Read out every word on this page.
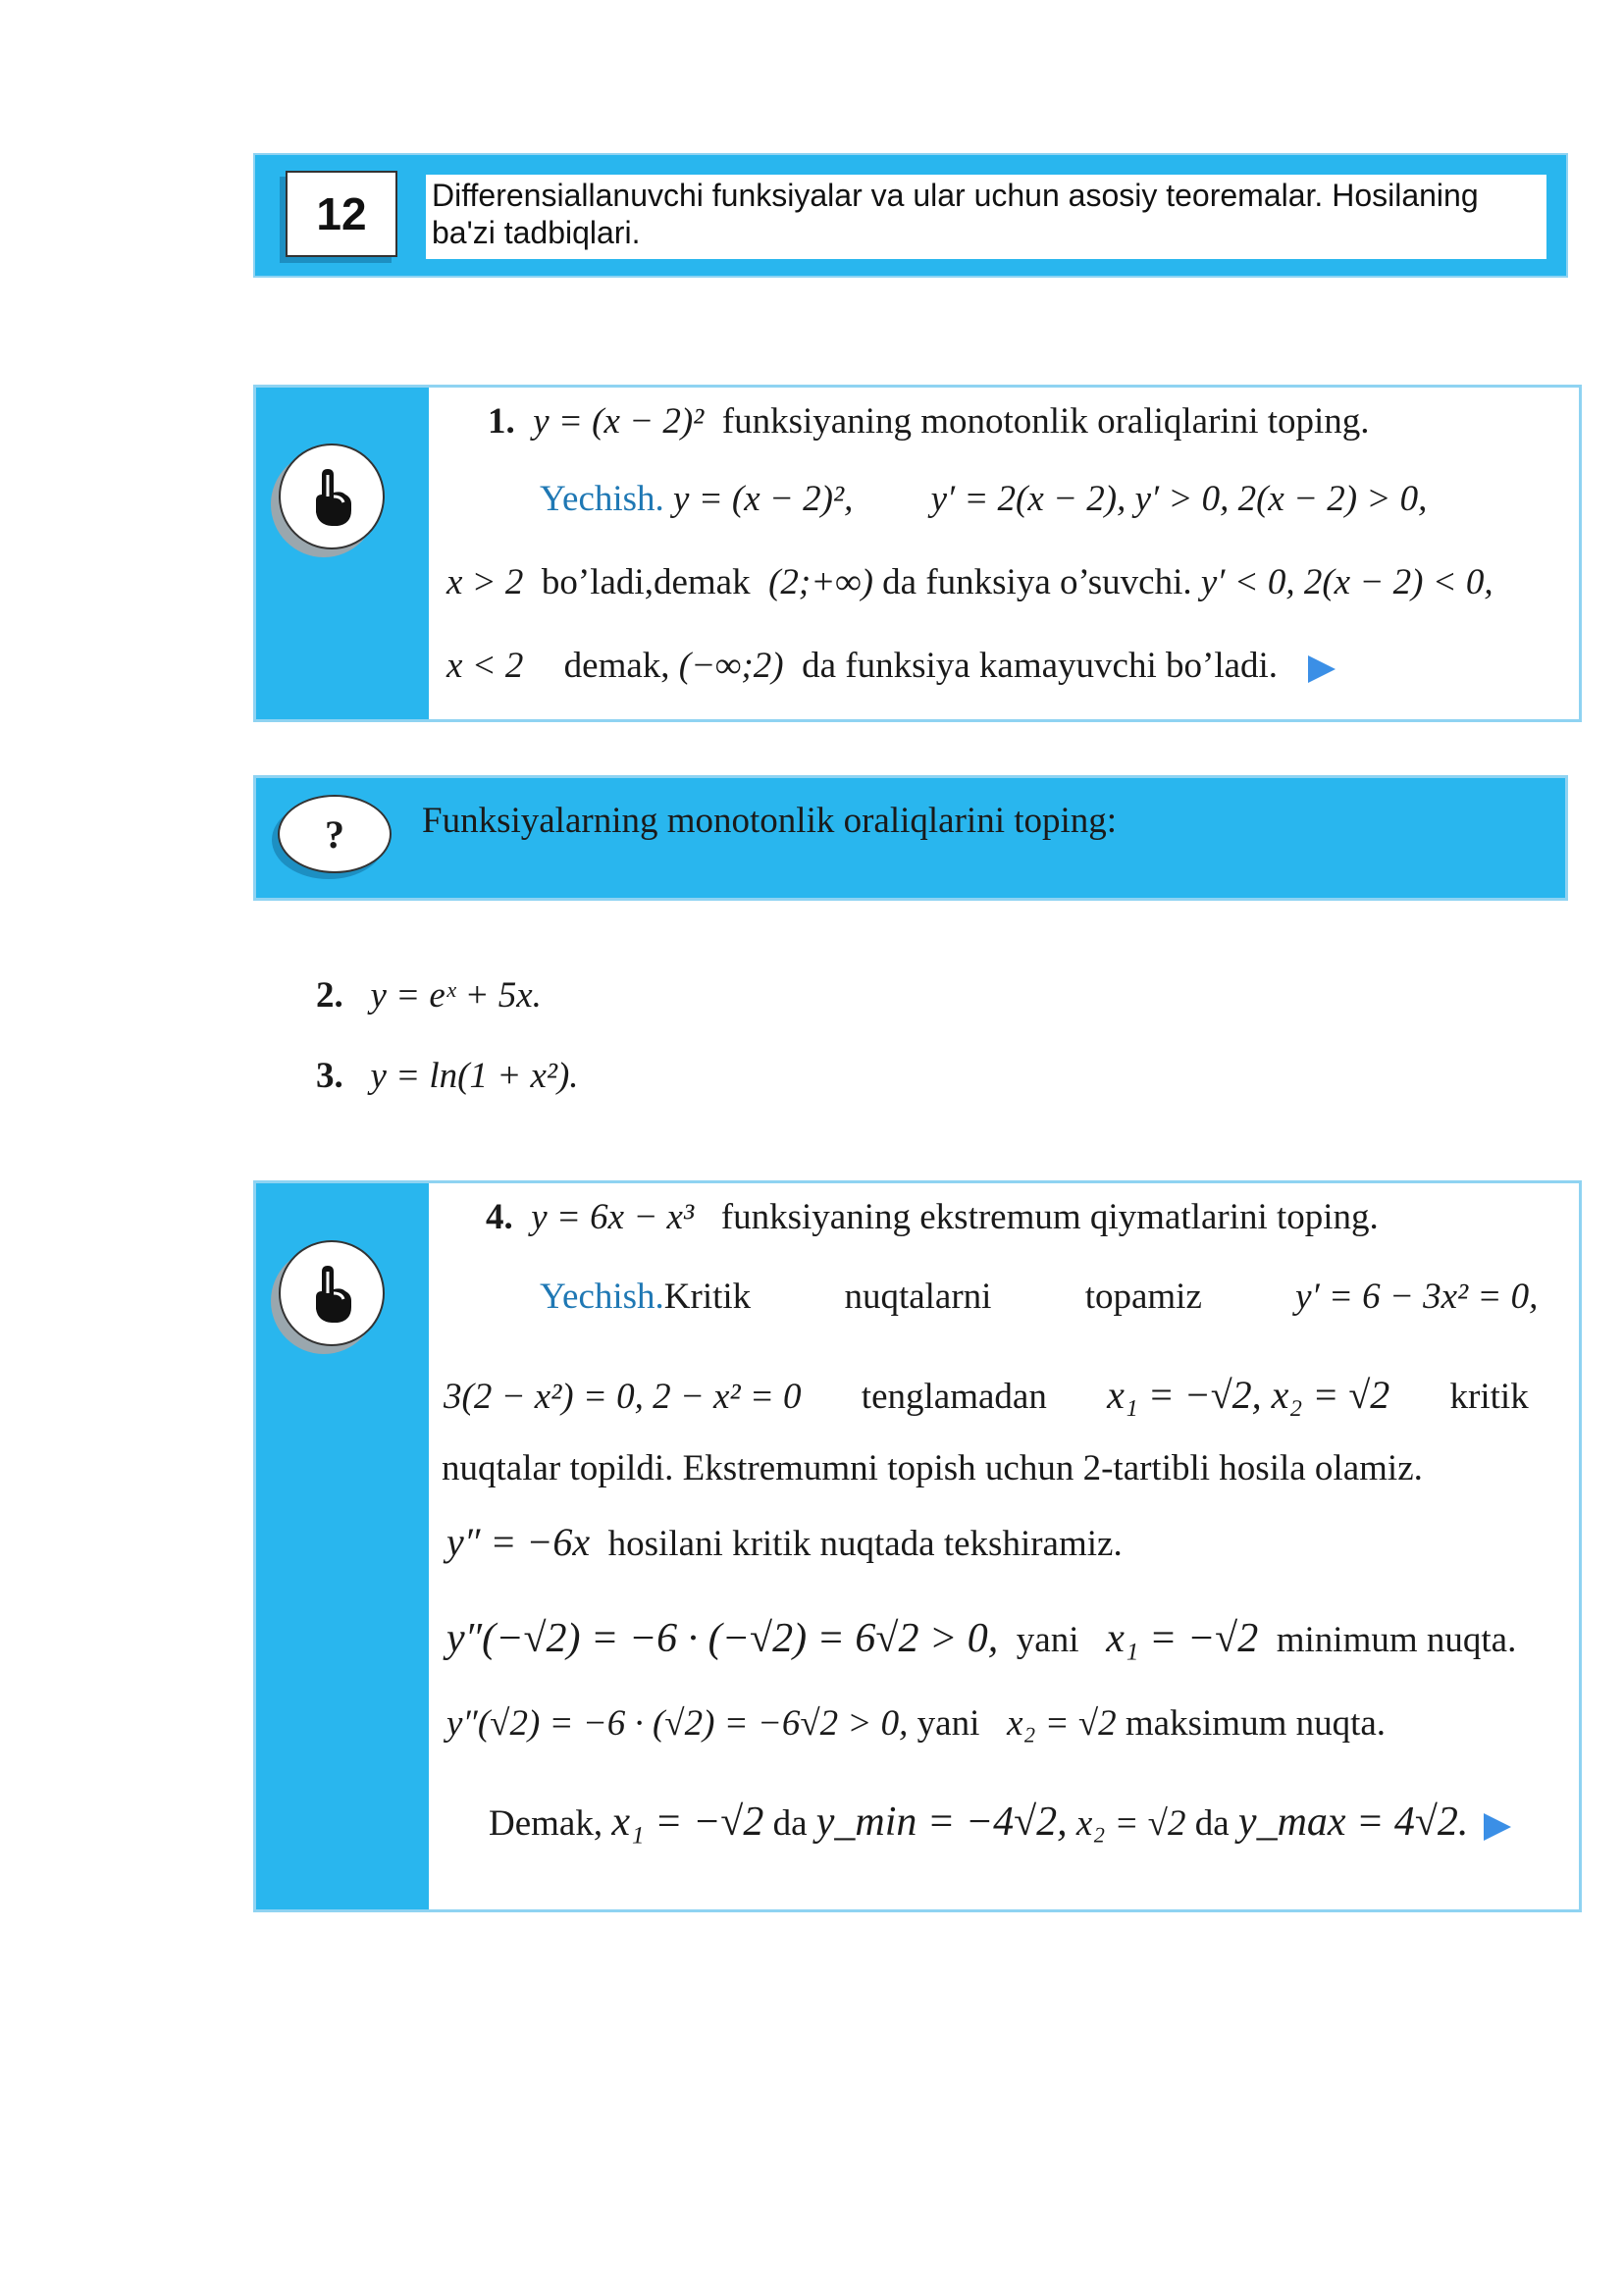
12	Differensiallanuvchi funksiyalar va ular uchun asosiy teoremalar. Hosilaning ba'zi tadbiqlari.
1. y = (x − 2)² funksiyaning monotonlik oraliqlarini toping.
Yechish. y = (x − 2)², y′ = 2(x − 2), y′ > 0, 2(x − 2) > 0,
x > 2 bo’ladi,demak (2;+∞) da funksiya o’suvchi. y′ < 0, 2(x − 2) < 0,
x < 2 demak, (−∞;2) da funksiya kamayuvchi bo’ladi.
? Funksiyalarning monotonlik oraliqlarini toping:
2. y = eˣ + 5x.
3. y = ln(1 + x²).
4. y = 6x − x³ funksiyaning ekstremum qiymatlarini toping.
Yechish.Kritik	nuqtalarni	topamiz	y′ = 6 − 3x² = 0,
3(2 − x²) = 0, 2 − x² = 0 tenglamadan x₁ = −√2, x₂ = √2 kritik
nuqtalar topildi. Ekstremumni topish uchun 2-tartibli hosila olamiz.
y″ = −6x hosilani kritik nuqtada tekshiramiz.
y″(−√2) = −6 · (−√2) = 6√2 > 0, yani x₁ = −√2 minimum nuqta.
y″(√2) = −6 · (√2) = −6√2 > 0, yani x₂ = √2 maksimum nuqta.
Demak, x₁ = −√2 da y_min = −4√2, x₂ = √2 da y_max = 4√2.
